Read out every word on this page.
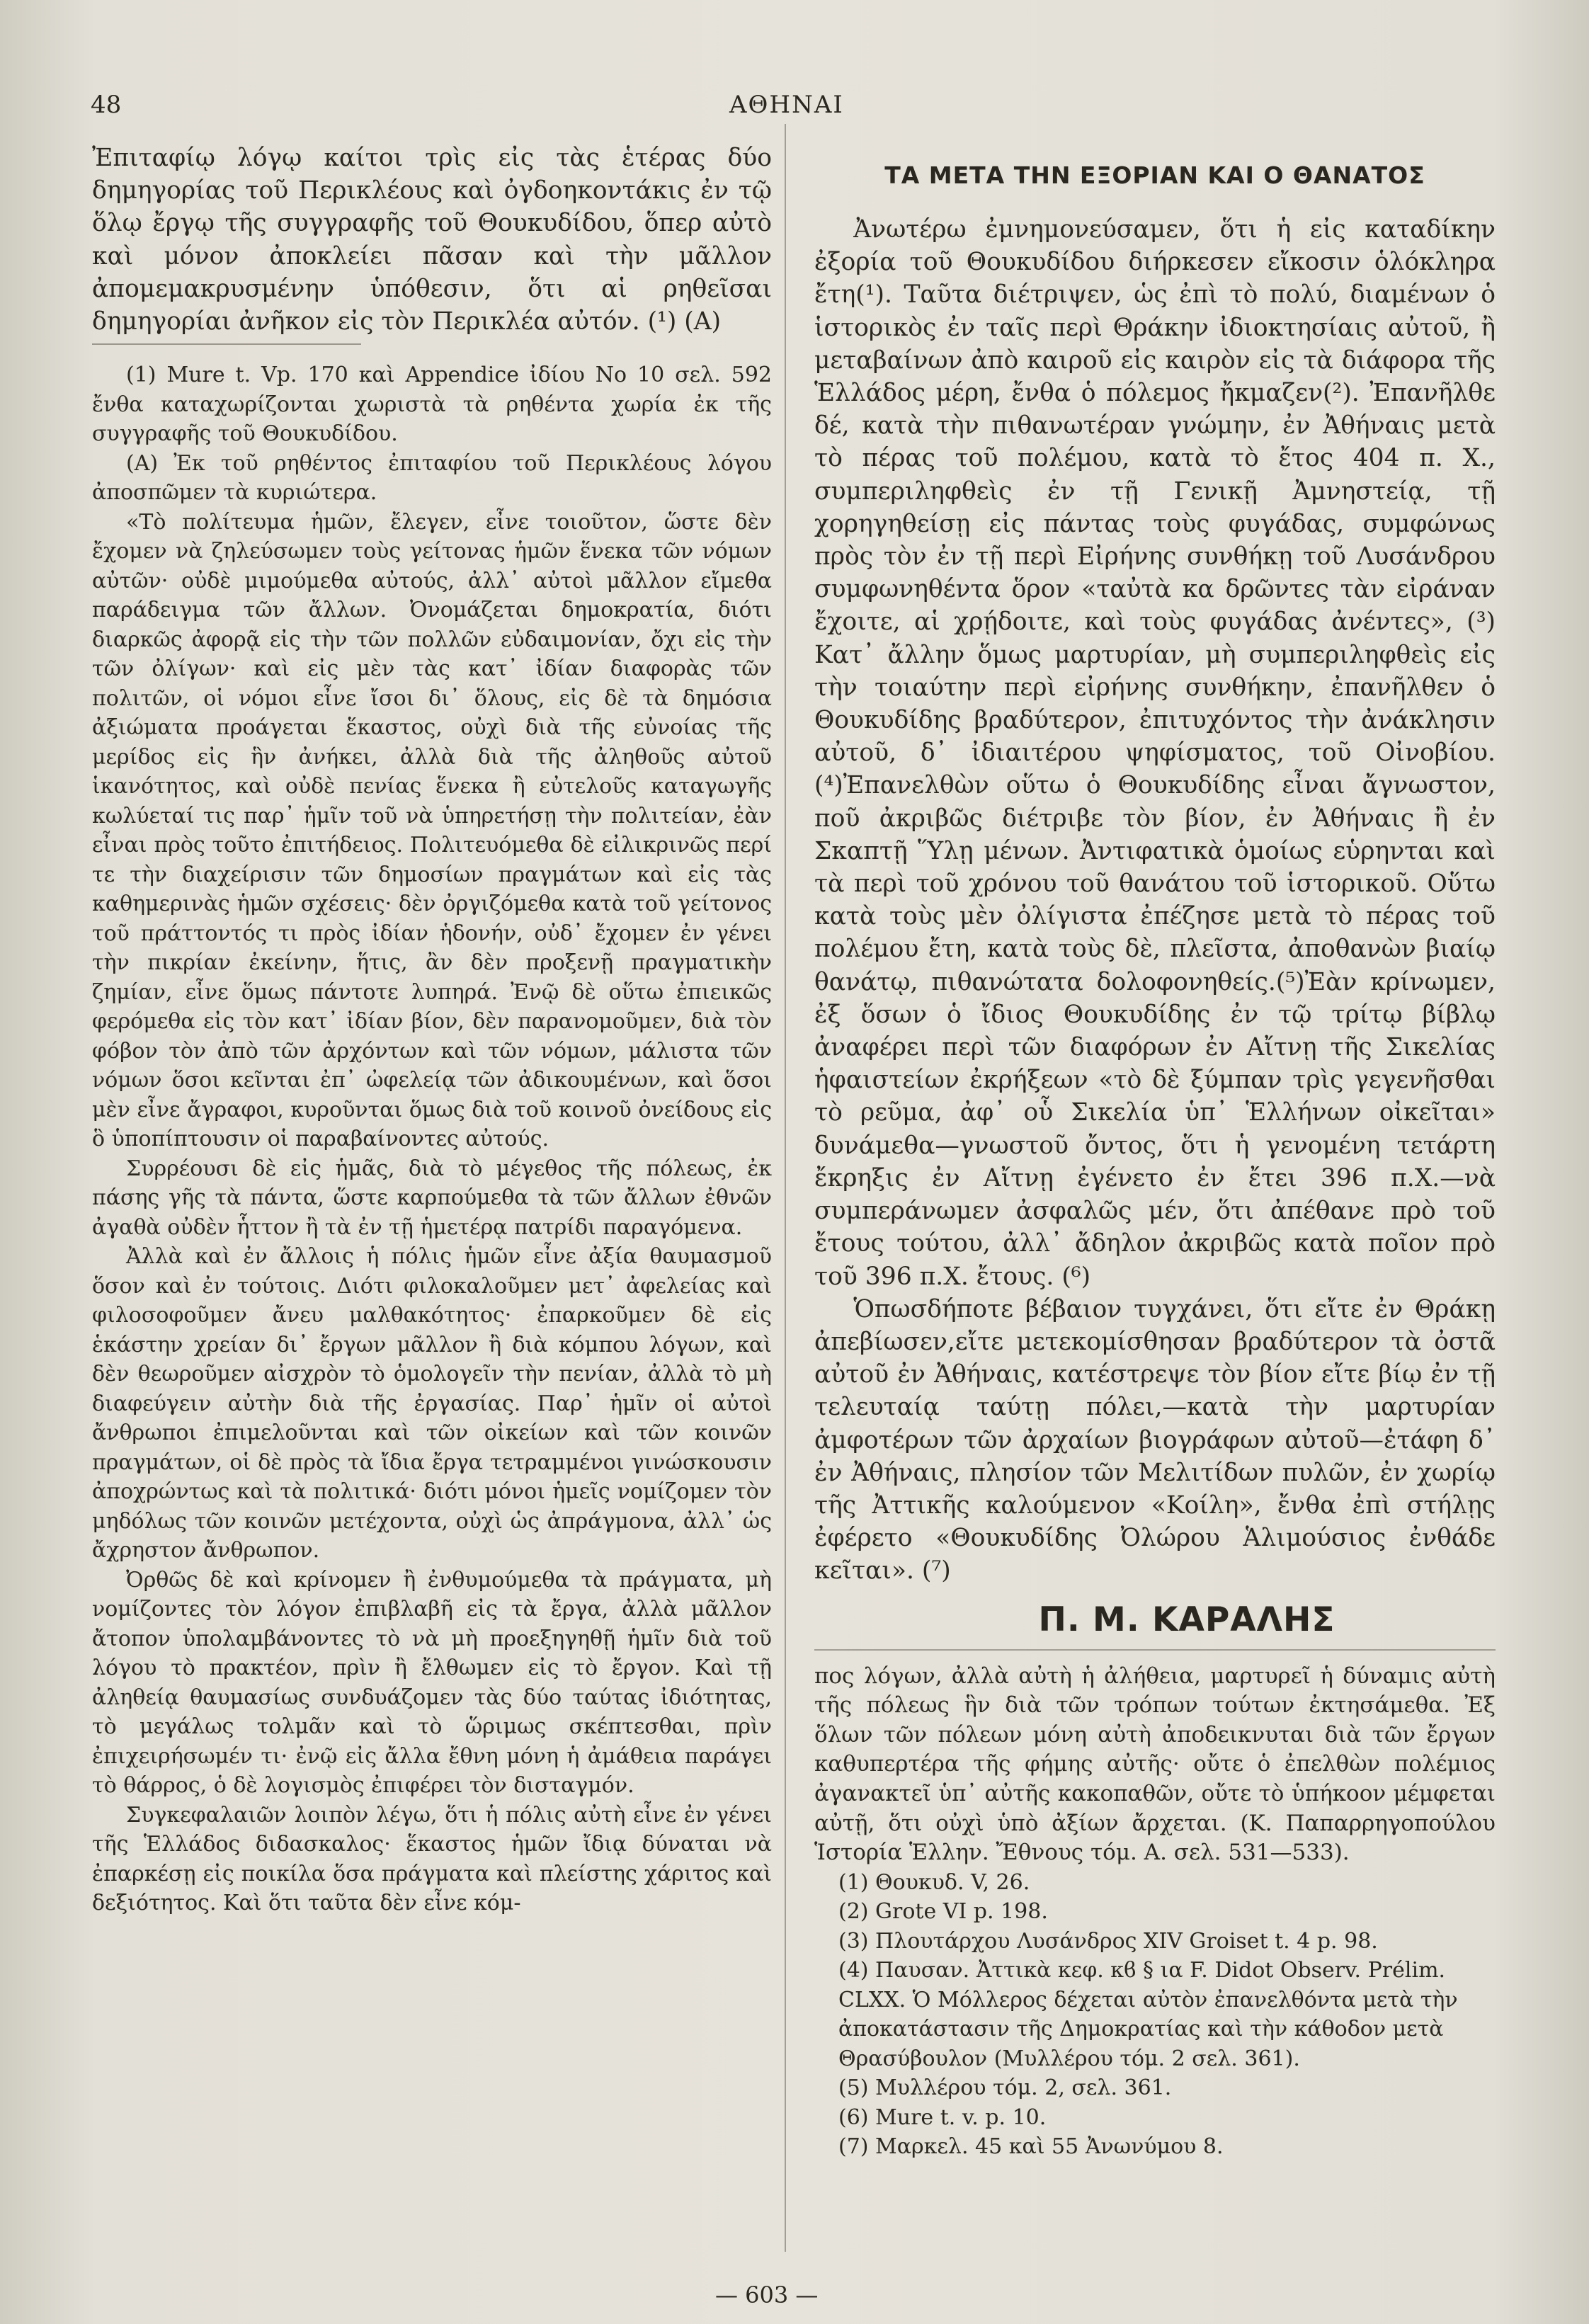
48	ΑΘΗΝΑΙ

Ἐπιταφίῳ λόγῳ καίτοι τρὶς εἰς τὰς ἑτέρας δύο δημηγορίας τοῦ Περικλέους καὶ ὀγδοηκοντάκις ἐν τῷ ὅλῳ ἔργῳ τῆς συγγραφῆς τοῦ Θουκυδίδου, ὅπερ αὐτὸ καὶ μόνον ἀποκλείει πᾶσαν καὶ τὴν μᾶλλον ἀπομεμακρυσμένην ὑπόθεσιν, ὅτι αἱ ρηθεῖσαι δημηγορίαι ἀνῆκον εἰς τὸν Περικλέα αὐτόν. (¹) (Α)

(1) Mure t. Vp. 170 καὶ Appendice ἰδίου No 10 σελ. 592 ἔνθα καταχωρίζονται χωριστὰ τὰ ρηθέντα χωρία ἐκ τῆς συγγραφῆς τοῦ Θουκυδίδου.

(Α) Ἐκ τοῦ ρηθέντος ἐπιταφίου τοῦ Περικλέους λόγου ἀποσπῶμεν τὰ κυριώτερα.

«Τὸ πολίτευμα ἡμῶν, ἔλεγεν, εἶνε τοιοῦτον, ὥστε δὲν ἔχομεν νὰ ζηλεύσωμεν τοὺς γείτονας ἡμῶν ἕνεκα τῶν νόμων αὐτῶν· οὐδὲ μιμούμεθα αὐτούς, ἀλλ᾽ αὐτοὶ μᾶλλον εἴμεθα παράδειγμα τῶν ἄλλων. Ὀνομάζεται δημοκρατία, διότι διαρκῶς ἀφορᾷ εἰς τὴν τῶν πολλῶν εὐδαιμονίαν, ὄχι εἰς τὴν τῶν ὀλίγων· καὶ εἰς μὲν τὰς κατ᾽ ἰδίαν διαφορὰς τῶν πολιτῶν, οἱ νόμοι εἶνε ἴσοι δι᾽ ὅλους, εἰς δὲ τὰ δημόσια ἀξιώματα προάγεται ἕκαστος, οὐχὶ διὰ τῆς εὐνοίας τῆς μερίδος εἰς ἣν ἀνήκει, ἀλλὰ διὰ τῆς ἀληθοῦς αὐτοῦ ἱκανότητος, καὶ οὐδὲ πενίας ἕνεκα ἢ εὐτελοῦς καταγωγῆς κωλύεταί τις παρ᾽ ἡμῖν τοῦ νὰ ὑπηρετήσῃ τὴν πολιτείαν, ἐὰν εἶναι πρὸς τοῦτο ἐπιτήδειος. Πολιτευόμεθα δὲ εἰλικρινῶς περί τε τὴν διαχείρισιν τῶν δημοσίων πραγμάτων καὶ εἰς τὰς καθημερινὰς ἡμῶν σχέσεις· δὲν ὀργιζόμεθα κατὰ τοῦ γείτονος τοῦ πράττοντός τι πρὸς ἰδίαν ἡδονήν, οὐδ᾽ ἔχομεν ἐν γένει τὴν πικρίαν ἐκείνην, ἥτις, ἂν δὲν προξενῇ πραγματικὴν ζημίαν, εἶνε ὅμως πάντοτε λυπηρά. Ἐνῷ δὲ οὕτω ἐπιεικῶς φερόμεθα εἰς τὸν κατ᾽ ἰδίαν βίον, δὲν παρανομοῦμεν, διὰ τὸν φόβον τὸν ἀπὸ τῶν ἀρχόντων καὶ τῶν νόμων, μάλιστα τῶν νόμων ὅσοι κεῖνται ἐπ᾽ ὠφελείᾳ τῶν ἀδικουμένων, καὶ ὅσοι μὲν εἶνε ἄγραφοι, κυροῦνται ὅμως διὰ τοῦ κοινοῦ ὀνείδους εἰς ὃ ὑποπίπτουσιν οἱ παραβαίνοντες αὐτούς.

Συρρέουσι δὲ εἰς ἡμᾶς, διὰ τὸ μέγεθος τῆς πόλεως, ἐκ πάσης γῆς τὰ πάντα, ὥστε καρπούμεθα τὰ τῶν ἄλλων ἐθνῶν ἀγαθὰ οὐδὲν ἧττον ἢ τὰ ἐν τῇ ἡμετέρᾳ πατρίδι παραγόμενα.

Ἀλλὰ καὶ ἐν ἄλλοις ἡ πόλις ἡμῶν εἶνε ἀξία θαυμασμοῦ ὅσον καὶ ἐν τούτοις. Διότι φιλοκαλοῦμεν μετ᾽ ἀφελείας καὶ φιλοσοφοῦμεν ἄνευ μαλθακότητος· ἐπαρκοῦμεν δὲ εἰς ἑκάστην χρείαν δι᾽ ἔργων μᾶλλον ἢ διὰ κόμπου λόγων, καὶ δὲν θεωροῦμεν αἰσχρὸν τὸ ὁμολογεῖν τὴν πενίαν, ἀλλὰ τὸ μὴ διαφεύγειν αὐτὴν διὰ τῆς ἐργασίας. Παρ᾽ ἡμῖν οἱ αὐτοὶ ἄνθρωποι ἐπιμελοῦνται καὶ τῶν οἰκείων καὶ τῶν κοινῶν πραγμάτων, οἱ δὲ πρὸς τὰ ἴδια ἔργα τετραμμένοι γινώσκουσιν ἀποχρώντως καὶ τὰ πολιτικά· διότι μόνοι ἡμεῖς νομίζομεν τὸν μηδόλως τῶν κοινῶν μετέχοντα, οὐχὶ ὡς ἀπράγμονα, ἀλλ᾽ ὡς ἄχρηστον ἄνθρωπον.

Ὀρθῶς δὲ καὶ κρίνομεν ἢ ἐνθυμούμεθα τὰ πράγματα, μὴ νομίζοντες τὸν λόγον ἐπιβλαβῆ εἰς τὰ ἔργα, ἀλλὰ μᾶλλον ἄτοπον ὑπολαμβάνοντες τὸ νὰ μὴ προεξηγηθῇ ἡμῖν διὰ τοῦ λόγου τὸ πρακτέον, πρὶν ἢ ἔλθωμεν εἰς τὸ ἔργον. Καὶ τῇ ἀληθείᾳ θαυμασίως συνδυάζομεν τὰς δύο ταύτας ἰδιότητας, τὸ μεγάλως τολμᾶν καὶ τὸ ὥριμως σκέπτεσθαι, πρὶν ἐπιχειρήσωμέν τι· ἐνῷ εἰς ἄλλα ἔθνη μόνη ἡ ἀμάθεια παράγει τὸ θάρρος, ὁ δὲ λογισμὸς ἐπιφέρει τὸν δισταγμόν.

Συγκεφαλαιῶν λοιπὸν λέγω, ὅτι ἡ πόλις αὐτὴ εἶνε ἐν γένει τῆς Ἑλλάδος διδασκαλος· ἕκαστος ἡμῶν ἴδιᾳ δύναται νὰ ἐπαρκέσῃ εἰς ποικίλα ὅσα πράγματα καὶ πλείστης χάριτος καὶ δεξιότητος. Καὶ ὅτι ταῦτα δὲν εἶνε κόμ-

ΤΑ ΜΕΤΑ ΤΗΝ ΕΞΟΡΙΑΝ ΚΑΙ Ο ΘΑΝΑΤΟΣ

Ἀνωτέρω ἐμνημονεύσαμεν, ὅτι ἡ εἰς καταδίκην ἐξορία τοῦ Θουκυδίδου διήρκεσεν εἴκοσιν ὁλόκληρα ἔτη(¹). Ταῦτα διέτριψεν, ὡς ἐπὶ τὸ πολύ, διαμένων ὁ ἱστορικὸς ἐν ταῖς περὶ Θράκην ἰδιοκτησίαις αὐτοῦ, ἢ μεταβαίνων ἀπὸ καιροῦ εἰς καιρὸν εἰς τὰ διάφορα τῆς Ἑλλάδος μέρη, ἔνθα ὁ πόλεμος ἤκμαζεν(²). Ἐπανῆλθε δέ, κατὰ τὴν πιθανωτέραν γνώμην, ἐν Ἀθήναις μετὰ τὸ πέρας τοῦ πολέμου, κατὰ τὸ ἔτος 404 π. Χ., συμπεριληφθεὶς ἐν τῇ Γενικῇ Ἀμνηστείᾳ, τῇ χορηγηθείσῃ εἰς πάντας τοὺς φυγάδας, συμφώνως πρὸς τὸν ἐν τῇ περὶ Εἰρήνης συνθήκῃ τοῦ Λυσάνδρου συμφωνηθέντα ὅρον «ταὐτὰ κα δρῶντες τὰν εἰράναν ἔχοιτε, αἱ χρῄδοιτε, καὶ τοὺς φυγάδας ἀνέντες», (³) Κατ᾽ ἄλλην ὅμως μαρτυρίαν, μὴ συμπεριληφθεὶς εἰς τὴν τοιαύτην περὶ εἰρήνης συνθήκην, ἐπανῆλθεν ὁ Θουκυδίδης βραδύτερον, ἐπιτυχόντος τὴν ἀνάκλησιν αὐτοῦ, δ᾽ ἰδιαιτέρου ψηφίσματος, τοῦ Οἰνοβίου. (⁴)Ἐπανελθὼν οὕτω ὁ Θουκυδίδης εἶναι ἄγνωστον, ποῦ ἀκριβῶς διέτριβε τὸν βίον, ἐν Ἀθήναις ἢ ἐν Σκαπτῇ Ὕλῃ μένων. Ἀντιφατικὰ ὁμοίως εὑρηνται καὶ τὰ περὶ τοῦ χρόνου τοῦ θανάτου τοῦ ἱστορικοῦ. Οὕτω κατὰ τοὺς μὲν ὀλίγιστα ἐπέζησε μετὰ τὸ πέρας τοῦ πολέμου ἔτη, κατὰ τοὺς δὲ, πλεῖστα, ἀποθανὼν βιαίῳ θανάτῳ, πιθανώτατα δολοφονηθείς.(⁵)Ἐὰν κρίνωμεν, ἐξ ὅσων ὁ ἴδιος Θουκυδίδης ἐν τῷ τρίτῳ βίβλῳ ἀναφέρει περὶ τῶν διαφόρων ἐν Αἴτνῃ τῆς Σικελίας ἡφαιστείων ἐκρήξεων «τὸ δὲ ξύμπαν τρὶς γεγενῆσθαι τὸ ρεῦμα, ἀφ᾽ οὗ Σικελία ὑπ᾽ Ἑλλήνων οἰκεῖται» δυνάμεθα—γνωστοῦ ὄντος, ὅτι ἡ γενομένη τετάρτη ἔκρηξις ἐν Αἴτνῃ ἐγένετο ἐν ἔτει 396 π.Χ.—νὰ συμπεράνωμεν ἀσφαλῶς μέν, ὅτι ἀπέθανε πρὸ τοῦ ἔτους τούτου, ἀλλ᾽ ἄδηλον ἀκριβῶς κατὰ ποῖον πρὸ τοῦ 396 π.Χ. ἔτους. (⁶)

Ὁπωσδήποτε βέβαιον τυγχάνει, ὅτι εἴτε ἐν Θράκῃ ἀπεβίωσεν,εἴτε μετεκομίσθησαν βραδύτερον τὰ ὀστᾶ αὐτοῦ ἐν Ἀθήναις, κατέστρεψε τὸν βίον εἴτε βίῳ ἐν τῇ τελευταίᾳ ταύτῃ πόλει,—κατὰ τὴν μαρτυρίαν ἀμφοτέρων τῶν ἀρχαίων βιογράφων αὐτοῦ—ἐτάφη δ᾽ ἐν Ἀθήναις, πλησίον τῶν Μελιτίδων πυλῶν, ἐν χωρίῳ τῆς Ἀττικῆς καλούμενον «Κοίλη», ἔνθα ἐπὶ στήλῃς ἐφέρετο «Θουκυδίδης Ὀλώρου Ἁλιμούσιος ἐνθάδε κεῖται». (⁷)

Π. Μ. ΚΑΡΑΛΗΣ

πος λόγων, ἀλλὰ αὐτὴ ἡ ἀλήθεια, μαρτυρεῖ ἡ δύναμις αὐτὴ τῆς πόλεως ἣν διὰ τῶν τρόπων τούτων ἐκτησάμεθα. Ἐξ ὅλων τῶν πόλεων μόνη αὐτὴ ἀποδεικνυται διὰ τῶν ἔργων καθυπερτέρα τῆς φήμης αὐτῆς· οὔτε ὁ ἐπελθὼν πολέμιος ἀγανακτεῖ ὑπ᾽ αὐτῆς κακοπαθῶν, οὔτε τὸ ὑπήκοον μέμφεται αὐτῇ, ὅτι οὐχὶ ὑπὸ ἀξίων ἄρχεται. (Κ. Παπαρρηγοπούλου Ἱστορία Ἑλλην. Ἔθνους τόμ. Α. σελ. 531—533).

(1) Θουκυδ. V, 26.
(2) Grote VI p. 198.
(3) Πλουτάρχου Λυσάνδρος XIV Groiset t. 4 p. 98.
(4) Παυσαν. Ἀττικὰ κεφ. κϐ § ια F. Didot Observ. Prélim. CLXX. Ὁ Μόλλερος δέχεται αὐτὸν ἐπανελθόντα μετὰ τὴν ἀποκατάστασιν τῆς Δημοκρατίας καὶ τὴν κάθοδον μετὰ Θρασύβουλον (Μυλλέρου τόμ. 2 σελ. 361).
(5) Μυλλέρου τόμ. 2, σελ. 361.
(6) Mure t. v. p. 10.
(7) Μαρκελ. 45 καὶ 55 Ἀνωνύμου 8.
— 603 —
